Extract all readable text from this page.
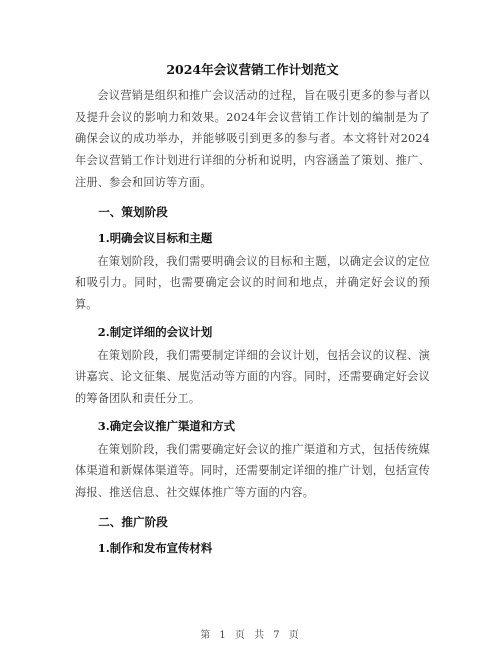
2024年会议营销工作计划范文

会议营销是组织和推广会议活动的过程，旨在吸引更多的参与者以及提升会议的影响力和效果。2024年会议营销工作计划的编制是为了确保会议的成功举办，并能够吸引到更多的参与者。本文将针对2024年会议营销工作计划进行详细的分析和说明，内容涵盖了策划、推广、注册、参会和回访等方面。

一、策划阶段
1.明确会议目标和主题

在策划阶段，我们需要明确会议的目标和主题，以确定会议的定位和吸引力。同时，也需要确定会议的时间和地点，并确定好会议的预算。

2.制定详细的会议计划

在策划阶段，我们需要制定详细的会议计划，包括会议的议程、演讲嘉宾、论文征集、展览活动等方面的内容。同时，还需要确定好会议的筹备团队和责任分工。

3.确定会议推广渠道和方式

在策划阶段，我们需要确定好会议的推广渠道和方式，包括传统媒体渠道和新媒体渠道等。同时，还需要制定详细的推广计划，包括宣传海报、推送信息、社交媒体推广等方面的内容。

二、推广阶段
1.制作和发布宣传材料
第 1 页 共 7 页
